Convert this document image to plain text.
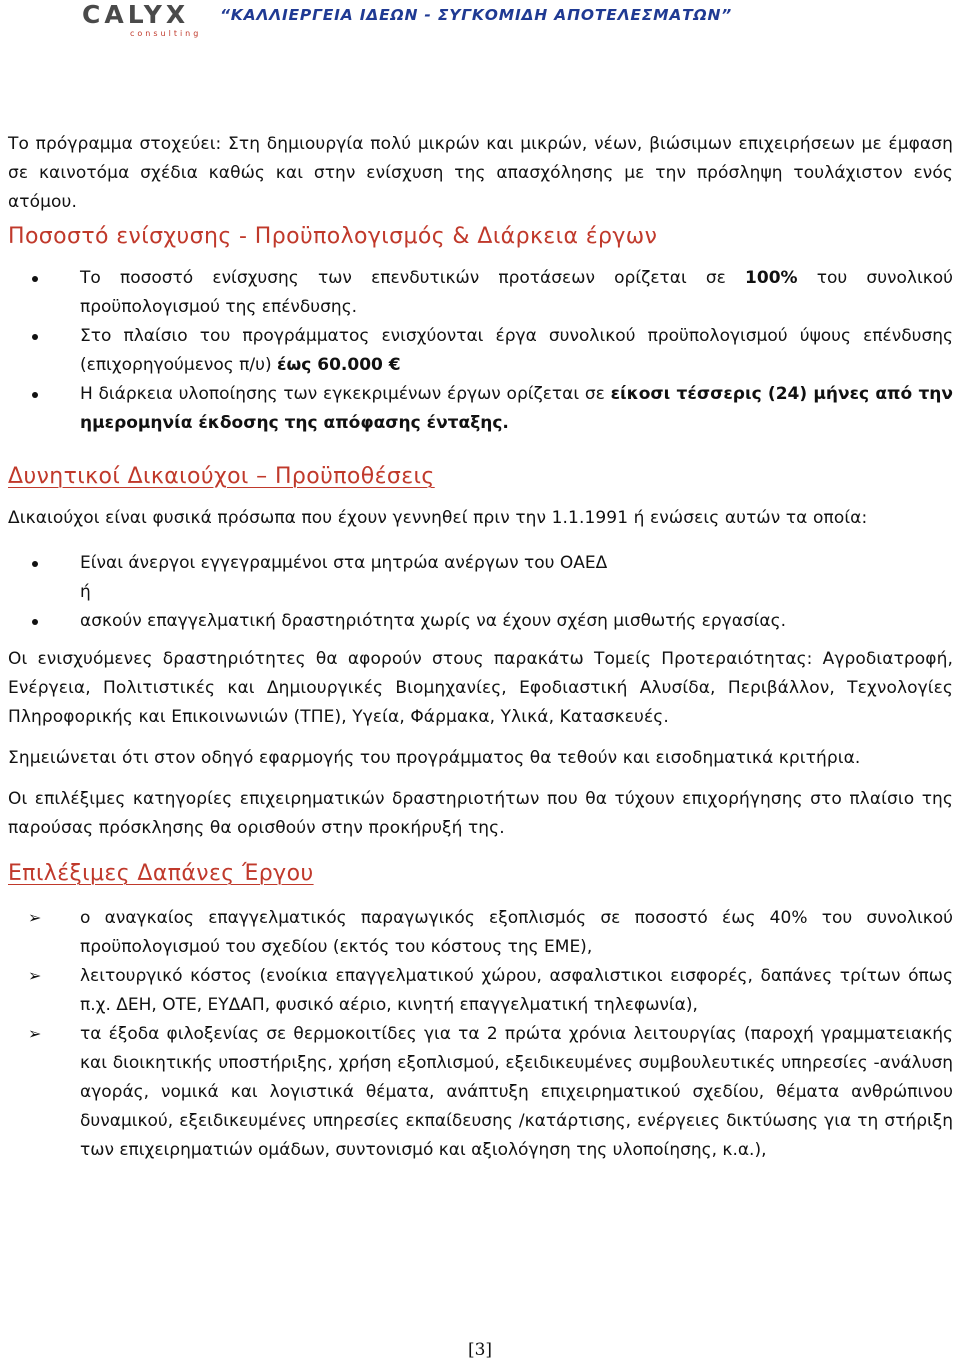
CALYX
consulting
“ΚΑΛΛΙΕΡΓΕΙΑ ΙΔΕΩΝ - ΣΥΓΚΟΜΙΔΗ ΑΠΟΤΕΛΕΣΜΑΤΩΝ”

Το πρόγραμμα στοχεύει: Στη δημιουργία πολύ μικρών και μικρών, νέων, βιώσιμων επιχειρήσεων με έμφαση σε καινοτόμα σχέδια καθώς και στην ενίσχυση της απασχόλησης με την πρόσληψη τουλάχιστον ενός ατόμου.

Ποσοστό ενίσχυσης - Προϋπολογισμός & Διάρκεια έργων

Το ποσοστό ενίσχυσης των επενδυτικών προτάσεων ορίζεται σε 100% του συνολικού προϋπολογισμού της επένδυσης.
Στο πλαίσιο του προγράμματος ενισχύονται έργα συνολικού προϋπολογισμού ύψους επένδυσης (επιχορηγούμενος π/υ) έως 60.000 €
Η διάρκεια υλοποίησης των εγκεκριμένων έργων ορίζεται σε είκοσι τέσσερις (24) μήνες από την ημερομηνία έκδοσης της απόφασης ένταξης.

Δυνητικοί Δικαιούχοι – Προϋποθέσεις

Δικαιούχοι είναι φυσικά πρόσωπα που έχουν γεννηθεί πριν την 1.1.1991 ή ενώσεις αυτών τα οποία:

Είναι άνεργοι εγγεγραμμένοι στα μητρώα ανέργων του ΟΑΕΔ
ή
ασκούν επαγγελματική δραστηριότητα χωρίς να έχουν σχέση μισθωτής εργασίας.

Οι ενισχυόμενες δραστηριότητες θα αφορούν στους παρακάτω Τομείς Προτεραιότητας: Αγροδιατροφή, Ενέργεια, Πολιτιστικές και Δημιουργικές Βιομηχανίες, Εφοδιαστική Αλυσίδα, Περιβάλλον, Τεχνολογίες Πληροφορικής και Επικοινωνιών (ΤΠΕ), Υγεία, Φάρμακα, Υλικά, Κατασκευές.

Σημειώνεται ότι στον οδηγό εφαρμογής του προγράμματος θα τεθούν και εισοδηματικά κριτήρια.

Οι επιλέξιμες κατηγορίες επιχειρηματικών δραστηριοτήτων που θα τύχουν επιχορήγησης στο πλαίσιο της παρούσας πρόσκλησης θα ορισθούν στην προκήρυξή της.

Επιλέξιμες Δαπάνες Έργου

➢ ο αναγκαίος επαγγελματικός παραγωγικός εξοπλισμός σε ποσοστό έως 40% του συνολικού προϋπολογισμού του σχεδίου (εκτός του κόστους της ΕΜΕ),
➢ λειτουργικό κόστος (ενοίκια επαγγελματικού χώρου, ασφαλιστικοι εισφορές, δαπάνες τρίτων όπως π.χ. ΔΕΗ, ΟΤΕ, ΕΥΔΑΠ, φυσικό αέριο, κινητή επαγγελματική τηλεφωνία),
➢ τα έξοδα φιλοξενίας σε θερμοκοιτίδες για τα 2 πρώτα χρόνια λειτουργίας (παροχή γραμματειακής και διοικητικής υποστήριξης, χρήση εξοπλισμού, εξειδικευμένες συμβουλευτικές υπηρεσίες -ανάλυση αγοράς, νομικά και λογιστικά θέματα, ανάπτυξη επιχειρηματικού σχεδίου, θέματα ανθρώπινου δυναμικού, εξειδικευμένες υπηρεσίες εκπαίδευσης /κατάρτισης, ενέργειες δικτύωσης για τη στήριξη των επιχειρηματιών ομάδων, συντονισμό και αξιολόγηση της υλοποίησης, κ.α.),
[3]
